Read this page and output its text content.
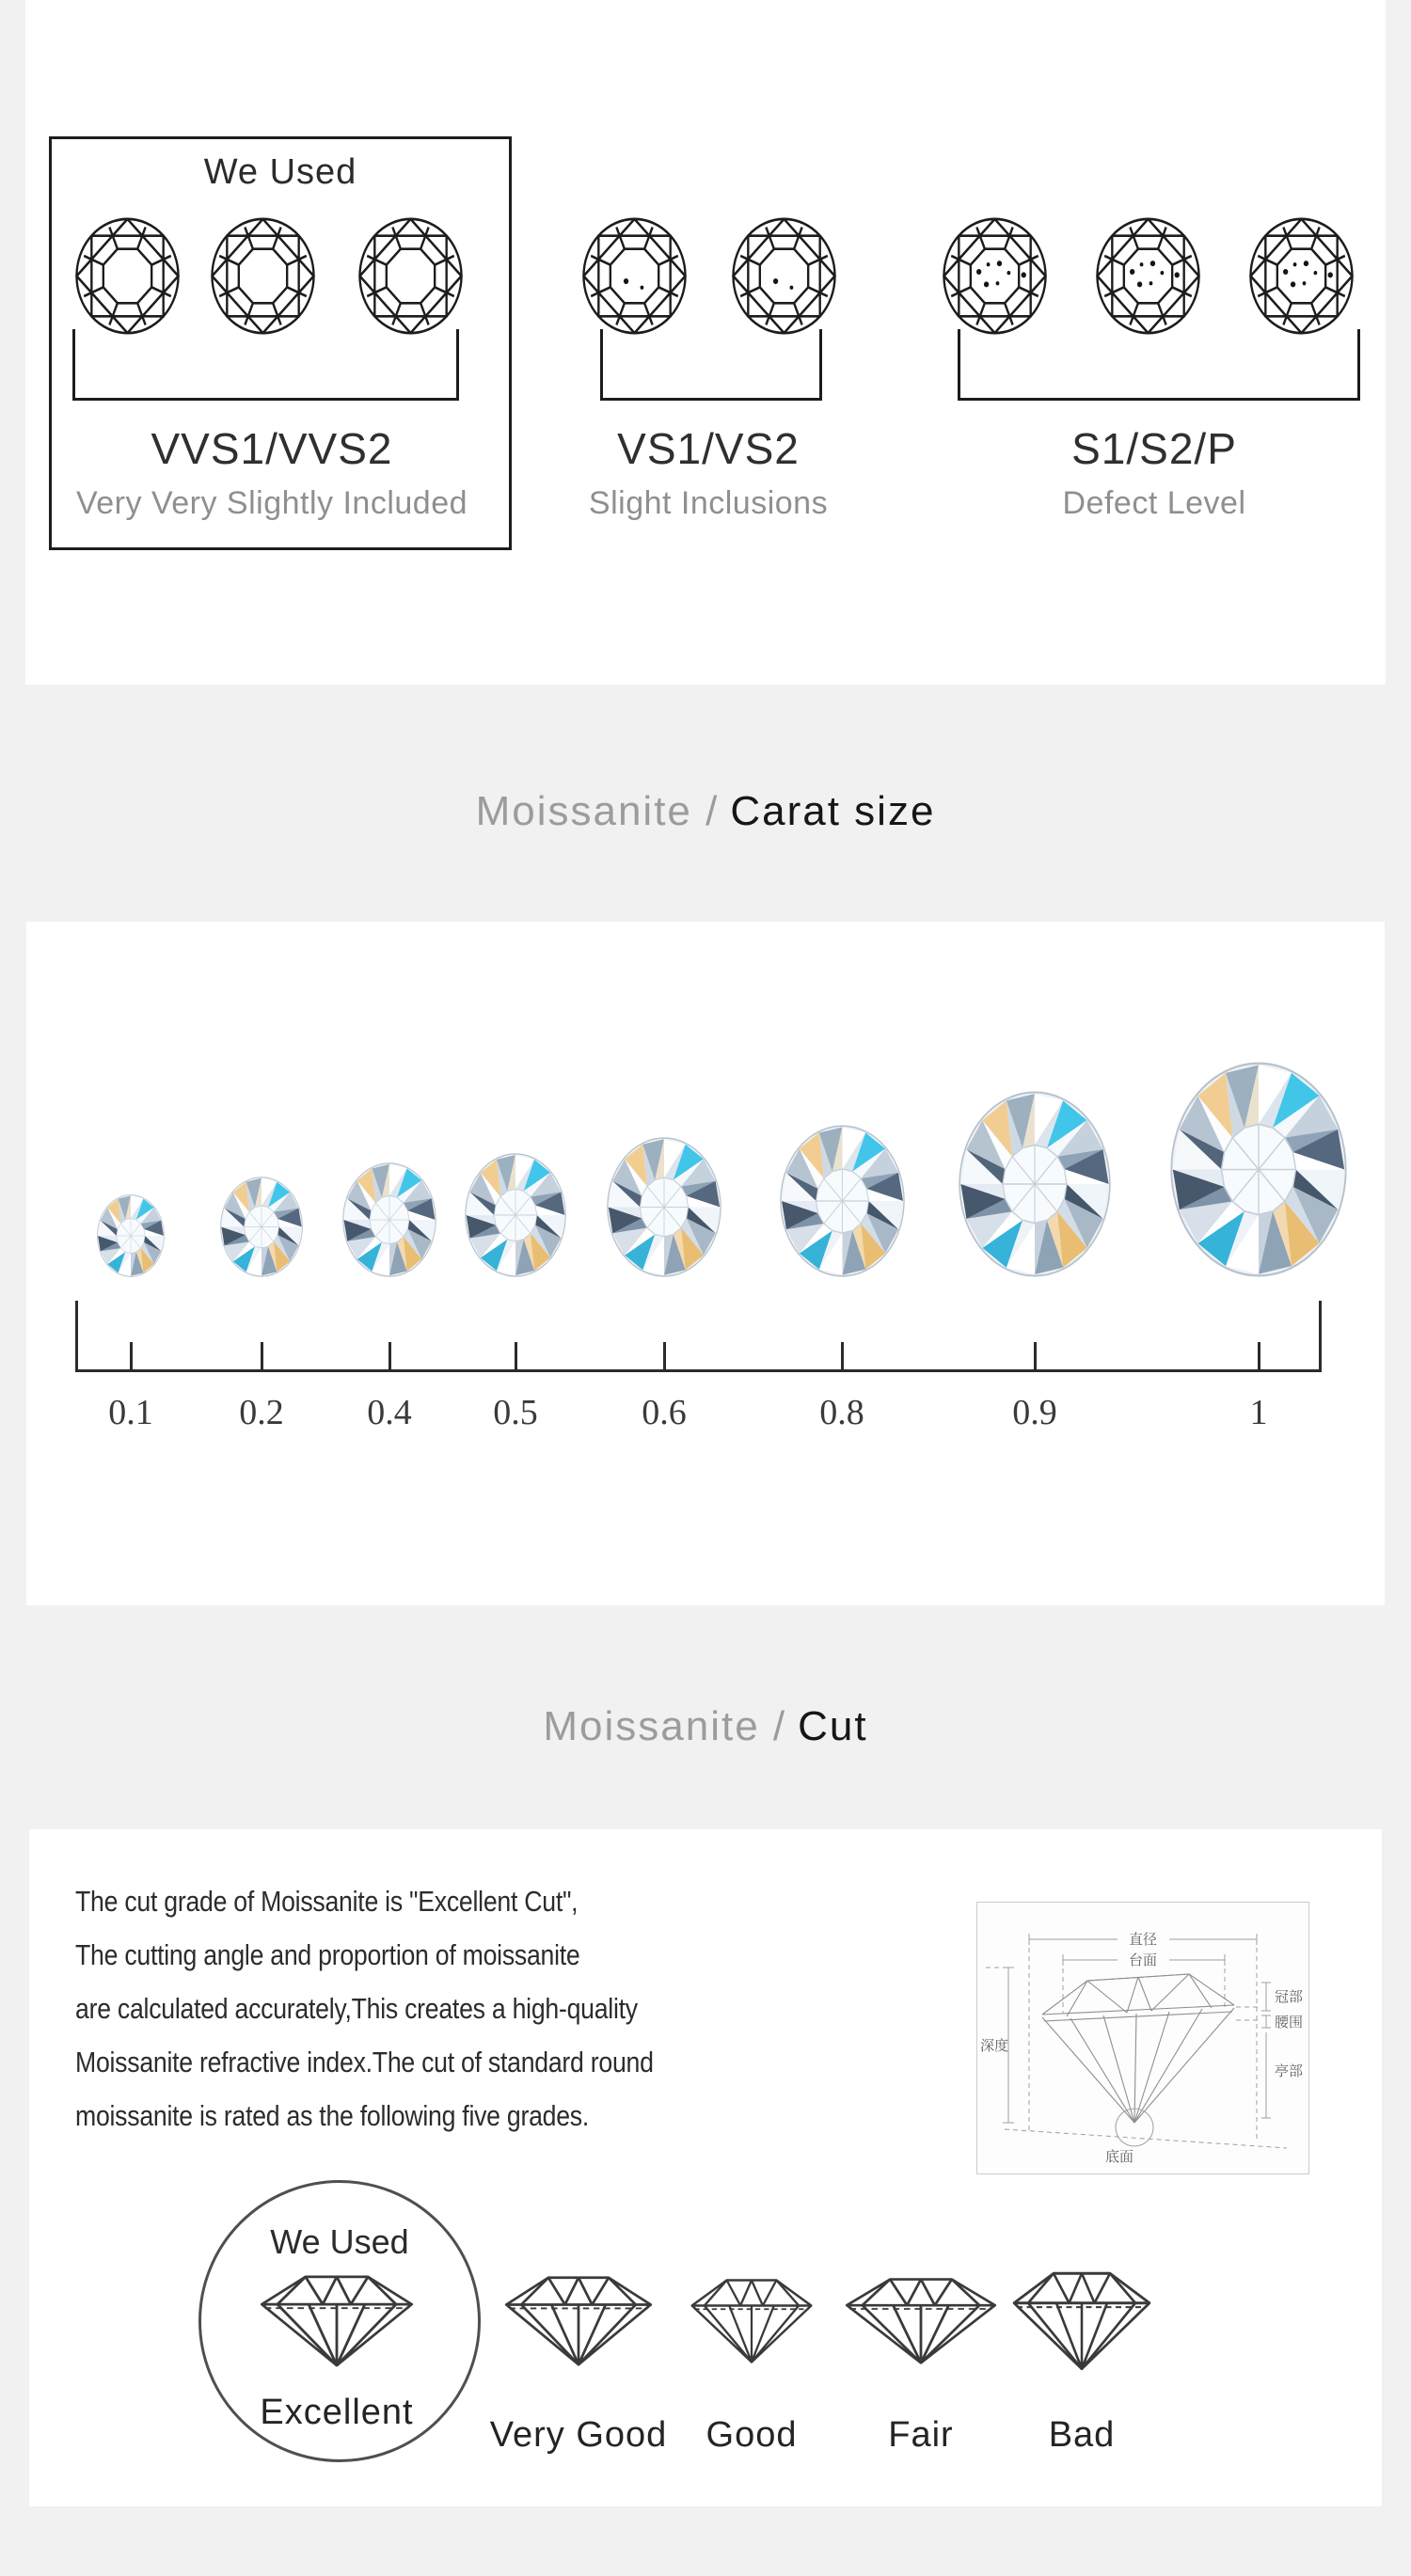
We Used
VVS1/VVS2
Very Very Slightly Included
VS1/VS2
Slight Inclusions
S1/S2/P
Defect Level
Moissanite / Carat size
0.1	0.2	0.4	0.5	0.6	0.8	0.9	1
Moissanite / Cut
The cut grade of Moissanite is "Excellent Cut",
The cutting angle and proportion of moissanite
are calculated accurately,This creates a high-quality
Moissanite refractive index.The cut of standard round
moissanite is rated as the following five grades.
直径
台面
深度
冠部
腰围
亭部
底面
We Used
Excellent
Very Good	Good	Fair	Bad
